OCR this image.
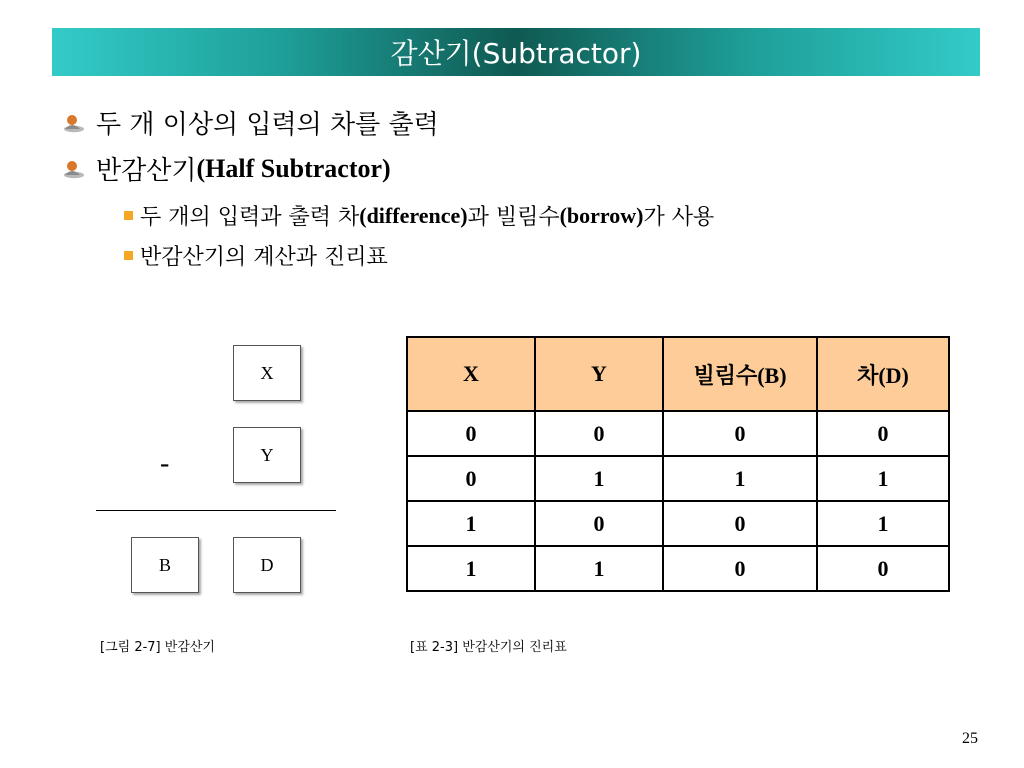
감산기(Subtractor)
두 개 이상의 입력의 차를 출력
반감산기 (Half Subtractor)
두 개의 입력과 출력 차 (difference) 과 빌림수 (borrow) 가 사용
반감산기의 계산과 진리표
X
Y
-
B	D
X	Y	빌림수(B)	차(D)
0	0	0	0
0	1	1	1
1	0	0	1
1	1	0	0
[그림 2-7] 반감산기	[표 2-3] 반감산기의 진리표
25
